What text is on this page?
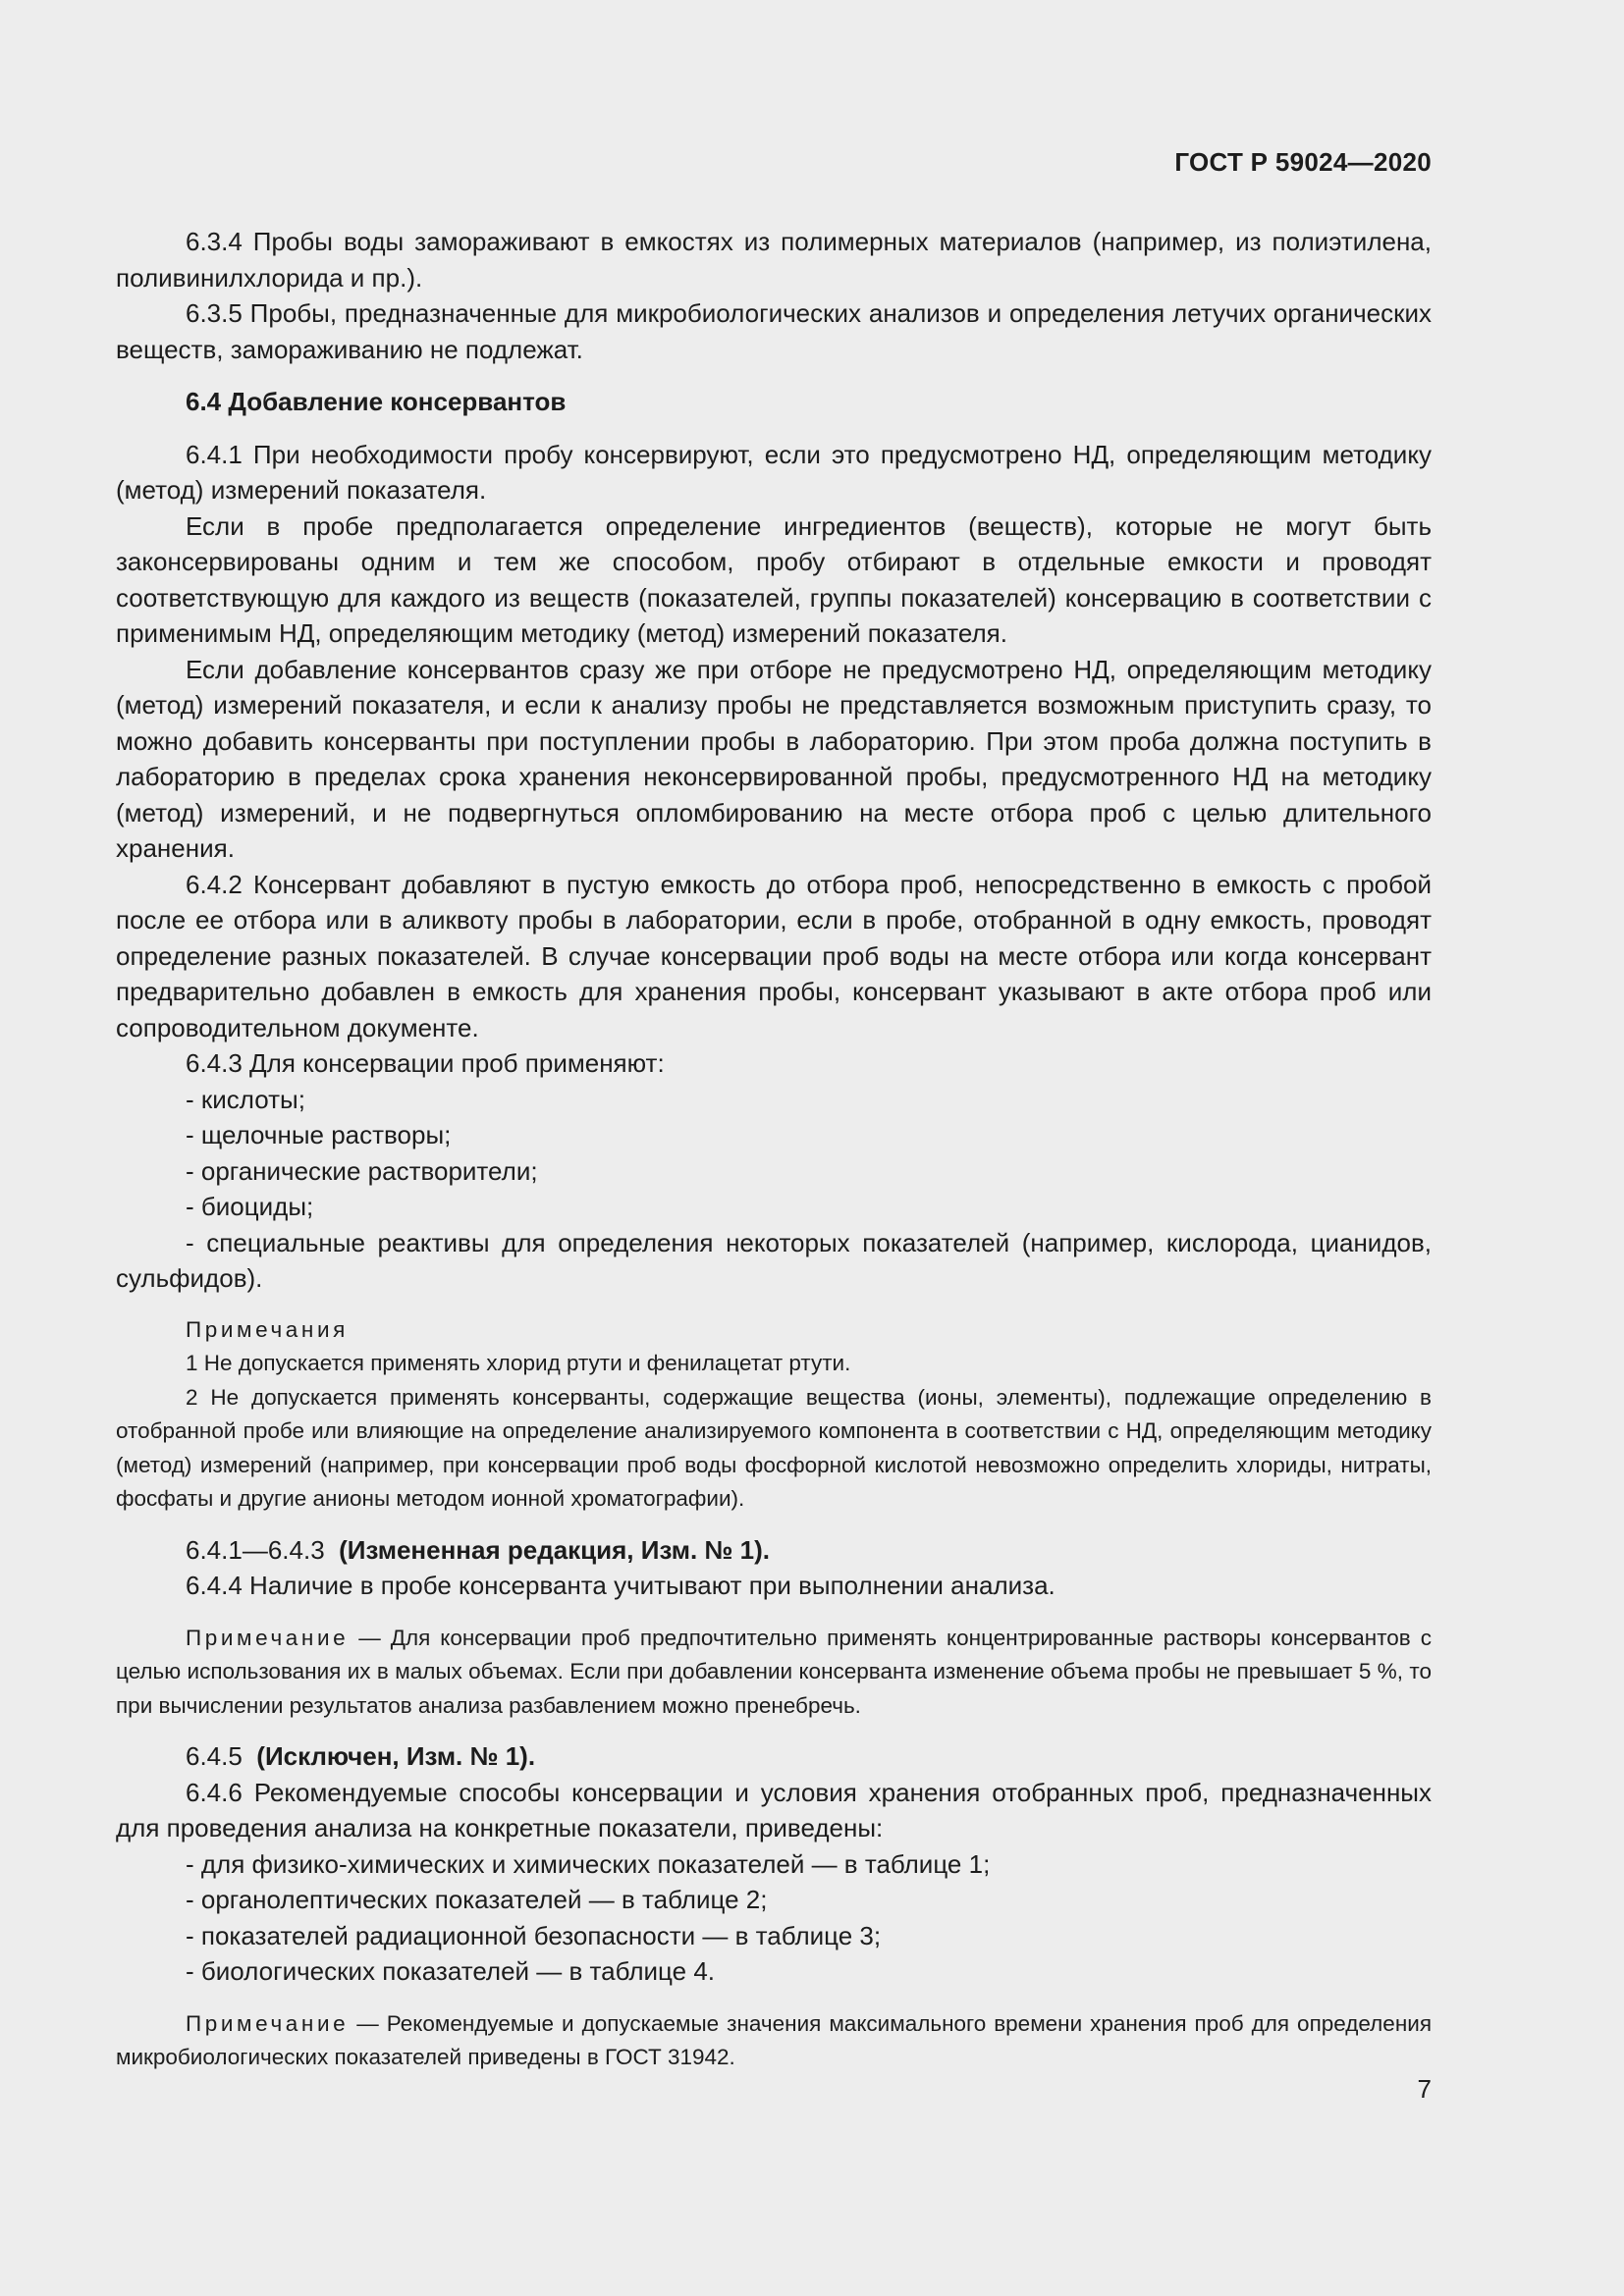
ГОСТ Р 59024—2020

6.3.4 Пробы воды замораживают в емкостях из полимерных материалов (например, из полиэтилена, поливинилхлорида и пр.).

6.3.5 Пробы, предназначенные для микробиологических анализов и определения летучих органических веществ, замораживанию не подлежат.

6.4 Добавление консервантов

6.4.1 При необходимости пробу консервируют, если это предусмотрено НД, определяющим методику (метод) измерений показателя.

Если в пробе предполагается определение ингредиентов (веществ), которые не могут быть законсервированы одним и тем же способом, пробу отбирают в отдельные емкости и проводят соответствующую для каждого из веществ (показателей, группы показателей) консервацию в соответствии с применимым НД, определяющим методику (метод) измерений показателя.

Если добавление консервантов сразу же при отборе не предусмотрено НД, определяющим методику (метод) измерений показателя, и если к анализу пробы не представляется возможным приступить сразу, то можно добавить консерванты при поступлении пробы в лабораторию. При этом проба должна поступить в лабораторию в пределах срока хранения неконсервированной пробы, предусмотренного НД на методику (метод) измерений, и не подвергнуться опломбированию на месте отбора проб с целью длительного хранения.

6.4.2 Консервант добавляют в пустую емкость до отбора проб, непосредственно в емкость с пробой после ее отбора или в аликвоту пробы в лаборатории, если в пробе, отобранной в одну емкость, проводят определение разных показателей. В случае консервации проб воды на месте отбора или когда консервант предварительно добавлен в емкость для хранения пробы, консервант указывают в акте отбора проб или сопроводительном документе.

6.4.3 Для консервации проб применяют:

- кислоты;

- щелочные растворы;

- органические растворители;

- биоциды;

- специальные реактивы для определения некоторых показателей (например, кислорода, цианидов, сульфидов).

Примечания

1 Не допускается применять хлорид ртути и фенилацетат ртути.

2 Не допускается применять консерванты, содержащие вещества (ионы, элементы), подлежащие определению в отобранной пробе или влияющие на определение анализируемого компонента в соответствии с НД, определяющим методику (метод) измерений (например, при консервации проб воды фосфорной кислотой невозможно определить хлориды, нитраты, фосфаты и другие анионы методом ионной хроматографии).

6.4.1—6.4.3 (Измененная редакция, Изм. № 1).

6.4.4 Наличие в пробе консерванта учитывают при выполнении анализа.

Примечание — Для консервации проб предпочтительно применять концентрированные растворы консервантов с целью использования их в малых объемах. Если при добавлении консерванта изменение объема пробы не превышает 5 %, то при вычислении результатов анализа разбавлением можно пренебречь.

6.4.5 (Исключен, Изм. № 1).

6.4.6 Рекомендуемые способы консервации и условия хранения отобранных проб, предназначенных для проведения анализа на конкретные показатели, приведены:

- для физико-химических и химических показателей — в таблице 1;

- органолептических показателей — в таблице 2;

- показателей радиационной безопасности — в таблице 3;

- биологических показателей — в таблице 4.

Примечание — Рекомендуемые и допускаемые значения максимального времени хранения проб для определения микробиологических показателей приведены в ГОСТ 31942.

7
